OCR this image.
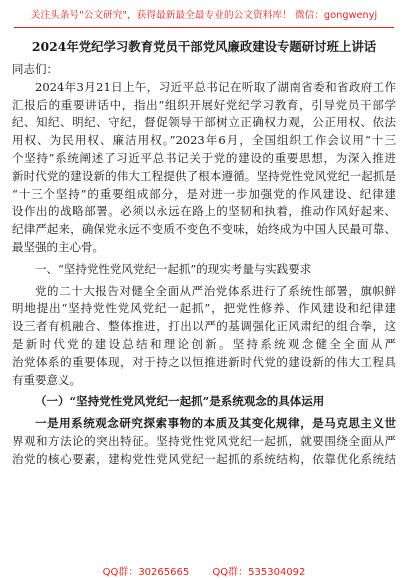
关注头条号"公文研究"，获得最新最全最专业的公文资料库！ 微信：gongwenyj
2024年党纪学习教育党员干部党风廉政建设专题研讨班上讲话
同志们：
2024年3月21日上午，习近平总书记在听取了湖南省委和省政府工作
汇报后的重要讲话中，指出“组织开展好党纪学习教育，引导党员干部学
纪、知纪、明纪、守纪，督促领导干部树立正确权力观，公正用权、依法
用权、为民用权、廉洁用权。”2023年6月，全国组织工作会议用“十三
个坚持”系统阐述了习近平总书记关于党的建设的重要思想，为深入推进
新时代党的建设新的伟大工程提供了根本遵循。坚持党性党风党纪一起抓是
“十三个坚持”的重要组成部分，是对进一步加强党的作风建设、纪律建
设作出的战略部署。必须以永远在路上的坚韧和执着，推动作风好起来、
纪律严起来，确保党永远不变质不变色不变味，始终成为中国人民最可靠、
最坚强的主心骨。
一、“坚持党性党风党纪一起抓”的现实考量与实践要求
党的二十大报告对健全全面从严治党体系进行了系统性部署，旗帜鲜
明地提出“坚持党性党风党纪一起抓”，把党性修养、作风建设和纪律建
设三者有机融合、整体推进，打出以严的基调强化正风肃纪的组合拳，这
是新时代党的建设总结和理论创新。坚持系统观念健全全面从严
治党体系的重要体现，对于持之以恒推进新时代党的建设新的伟大工程具
有重要意义。
（一）“坚持党性党风党纪一起抓”是系统观念的具体运用
一是用系统观念研究探索事物的本质及其变化规律，是马克思主义世
界观和方法论的突出特征。坚持党性党风党纪一起抓，就要围绕全面从严
治党的核心要素，建构党性党风党纪一起抓的系统结构，依靠优化系统结
QQ群：30265665 QQ群：535304092
